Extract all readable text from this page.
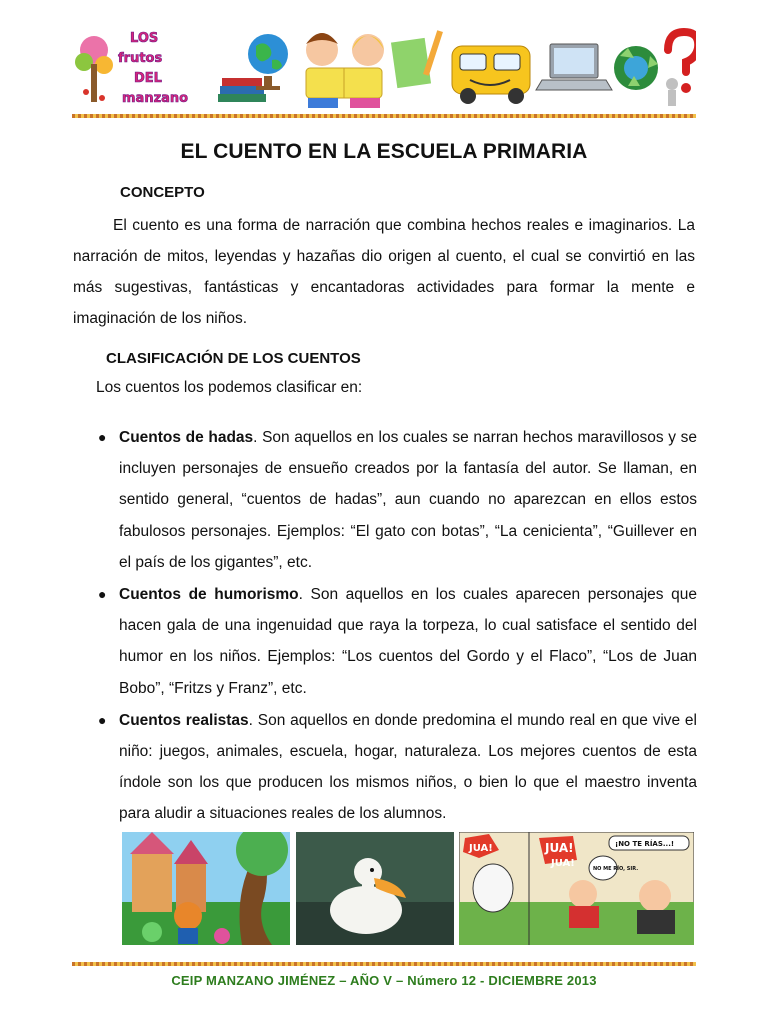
LOS
frutos
DEL
manzano
EL CUENTO EN LA ESCUELA PRIMARIA
CONCEPTO
El cuento es una forma de narración que combina hechos reales e imaginarios. La narración de mitos, leyendas y hazañas dio origen al cuento, el cual se convirtió en las más sugestivas, fantásticas y encantadoras actividades para formar la mente e imaginación de los niños.
CLASIFICACIÓN DE LOS CUENTOS
Los cuentos los podemos clasificar en:
● Cuentos de hadas. Son aquellos en los cuales se narran hechos maravillosos y se incluyen personajes de ensueño creados por la fantasía del autor. Se llaman, en sentido general, “cuentos de hadas”, aun cuando no aparezcan en ellos estos fabulosos personajes. Ejemplos: “El gato con botas”, “La cenicienta”, “Guillever en el país de los gigantes”, etc.
● Cuentos de humorismo. Son aquellos en los cuales aparecen personajes que hacen gala de una ingenuidad que raya la torpeza, lo cual satisface el sentido del humor en los niños. Ejemplos: “Los cuentos del Gordo y el Flaco”, “Los de Juan Bobo”, “Fritzs y Franz”, etc.
● Cuentos realistas. Son aquellos en donde predomina el mundo real en que vive el niño: juegos, animales, escuela, hogar, naturaleza. Los mejores cuentos de esta índole son los que producen los mismos niños, o bien lo que el maestro inventa para aludir a situaciones reales de los alumnos.
JUA!	JUA!
JUA!
¡NO TE RÍAS...!
NO ME RÍO, SIR.
CEIP MANZANO JIMÉNEZ – AÑO V – Número 12 - DICIEMBRE 2013
